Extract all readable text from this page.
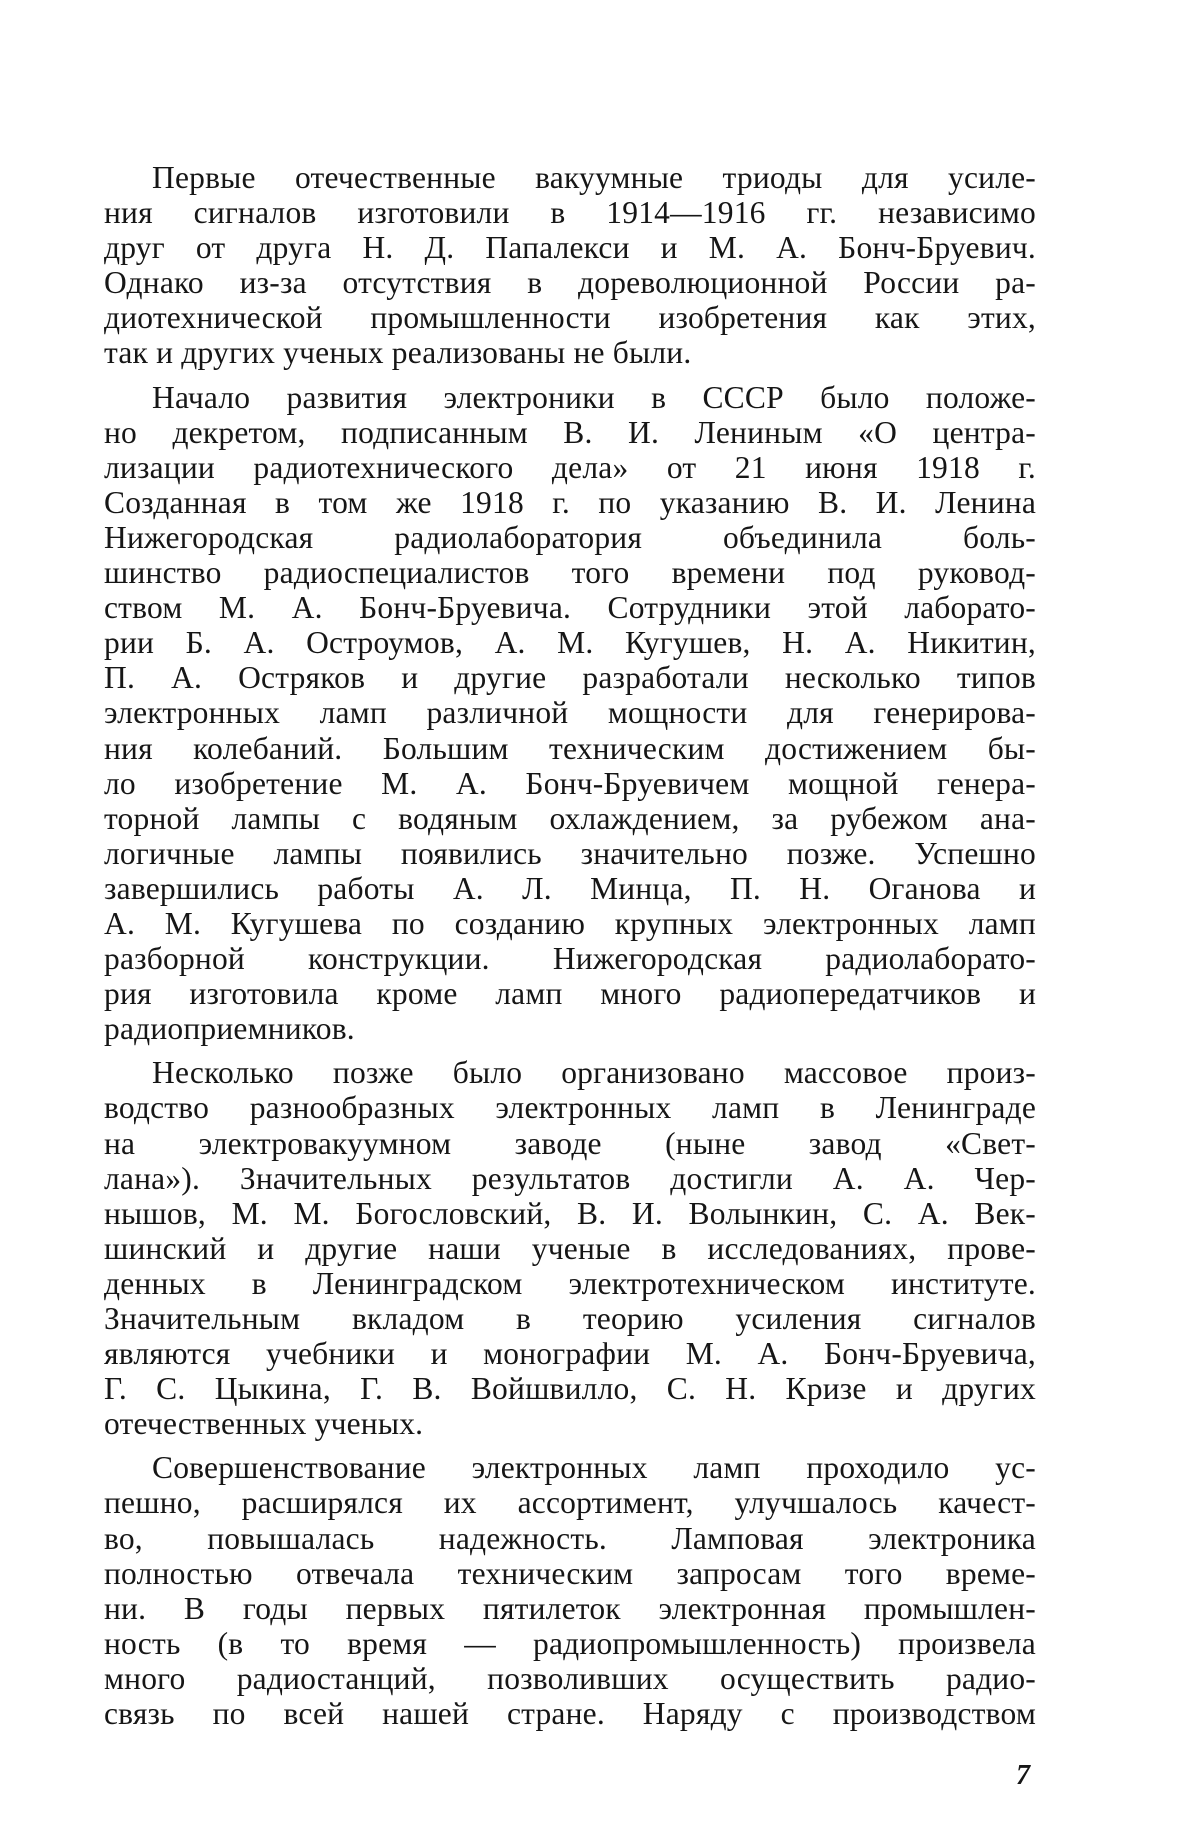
Первые отечественные вакуумные триоды для усиле-
ния сигналов изготовили в 1914—1916 гг. независимо
друг от друга Н. Д. Папалекси и М. А. Бонч-Бруевич.
Однако из-за отсутствия в дореволюционной России ра-
диотехнической промышленности изобретения как этих,
так и других ученых реализованы не были.
Начало развития электроники в СССР было положе-
но декретом, подписанным В. И. Лениным «О центра-
лизации радиотехнического дела» от 21 июня 1918 г.
Созданная в том же 1918 г. по указанию В. И. Ленина
Нижегородская радиолаборатория объединила боль-
шинство радиоспециалистов того времени под руковод-
ством М. А. Бонч-Бруевича. Сотрудники этой лаборато-
рии Б. А. Остроумов, А. М. Кугушев, Н. А. Никитин,
П. А. Остряков и другие разработали несколько типов
электронных ламп различной мощности для генерирова-
ния колебаний. Большим техническим достижением бы-
ло изобретение М. А. Бонч-Бруевичем мощной генера-
торной лампы с водяным охлаждением, за рубежом ана-
логичные лампы появились значительно позже. Успешно
завершились работы А. Л. Минца, П. Н. Оганова и
А. М. Кугушева по созданию крупных электронных ламп
разборной конструкции. Нижегородская радиолаборато-
рия изготовила кроме ламп много радиопередатчиков и
радиоприемников.
Несколько позже было организовано массовое произ-
водство разнообразных электронных ламп в Ленинграде
на электровакуумном заводе (ныне завод «Свет-
лана»). Значительных результатов достигли А. А. Чер-
нышов, М. М. Богословский, В. И. Волынкин, С. А. Век-
шинский и другие наши ученые в исследованиях, прове-
денных в Ленинградском электротехническом институте.
Значительным вкладом в теорию усиления сигналов
являются учебники и монографии М. А. Бонч-Бруевича,
Г. С. Цыкина, Г. В. Войшвилло, С. Н. Кризе и других
отечественных ученых.
Совершенствование электронных ламп проходило ус-
пешно, расширялся их ассортимент, улучшалось качест-
во, повышалась надежность. Ламповая электроника
полностью отвечала техническим запросам того време-
ни. В годы первых пятилеток электронная промышлен-
ность (в то время — радиопромышленность) произвела
много радиостанций, позволивших осуществить радио-
связь по всей нашей стране. Наряду с производством
7
